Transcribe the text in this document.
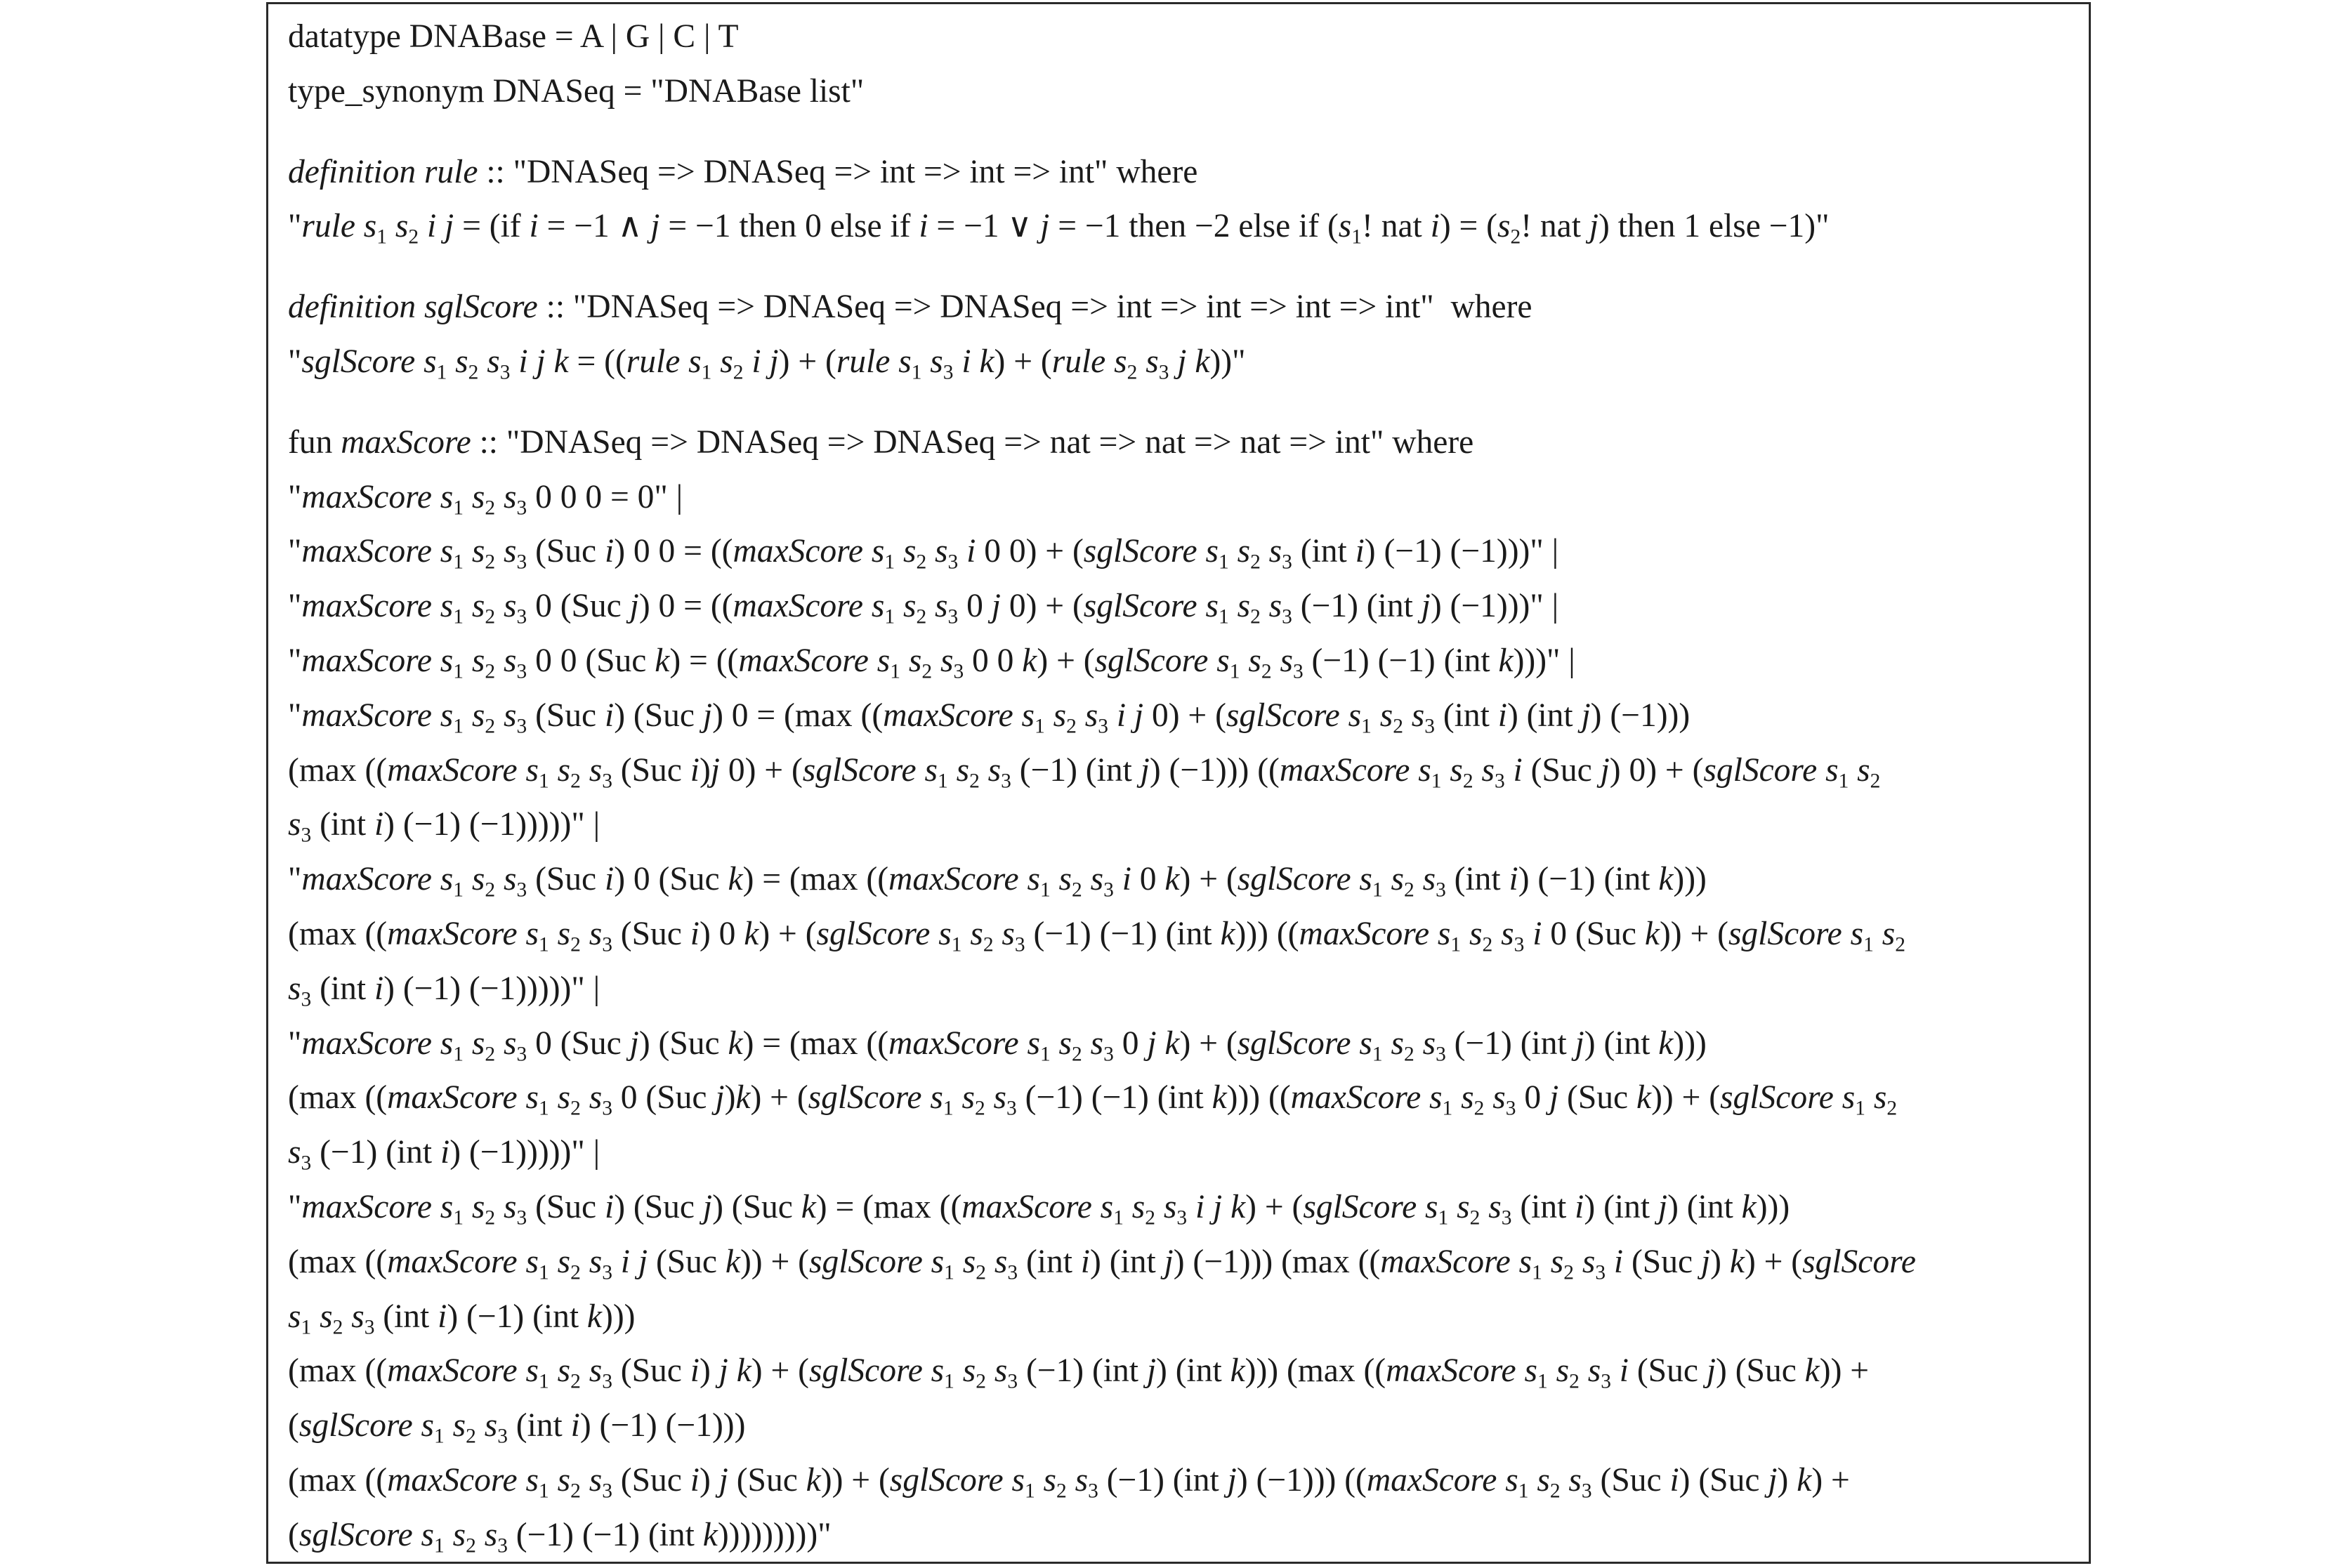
datatype DNABase = A | G | C | T
type_synonym DNASeq = "DNABase list"
definition rule :: "DNASeq => DNASeq => int => int => int" where
"rule $s_1$ $s_2$ i j = (if i = −1 ∧ j = −1 then 0 else if i = −1 ∨ j = −1 then −2 else if ($s_1$! nat $i) = (s_2$! nat j) then 1 else −1)"
definition sglScore :: "DNASeq => DNASeq => DNASeq => int => int => int => int"  where
"sglScore $s_1$ $s_2$ $s_3$ i j k = ((rule $s_1$ $s_2$ i j) + (rule $s_1$ $s_3$ i k) + (rule $s_2$ $s_3$ j k))"
fun maxScore :: "DNASeq => DNASeq => DNASeq => nat => nat => nat => int" where
"maxScore $s_1$ $s_2$ $s_3$ 0 0 0 = 0" |
"maxScore $s_1$ $s_2$ $s_3$ (Suc i) 0 0 = ((maxScore $s_1$ $s_2$ $s_3$ i 0 0) + (sglScore $s_1$ $s_2$ $s_3$ (int i) (−1) (−1)))" |
"maxScore $s_1$ $s_2$ $s_3$ 0 (Suc j) 0 = ((maxScore $s_1$ $s_2$ $s_3$ 0 j 0) + (sglScore $s_1$ $s_2$ $s_3$ (−1) (int j) (−1)))" |
"maxScore $s_1$ $s_2$ $s_3$ 0 0 (Suc k) = ((maxScore $s_1$ $s_2$ $s_3$ 0 0 k) + (sglScore $s_1$ $s_2$ $s_3$ (−1) (−1) (int k)))" |
"maxScore $s_1$ $s_2$ $s_3$ (Suc i) (Suc j) 0 = (max ((maxScore $s_1$ $s_2$ $s_3$ i j 0) + (sglScore $s_1$ $s_2$ $s_3$ (int i) (int j) (−1)))
(max ((maxScore $s_1$ $s_2$ $s_3$ (Suc i)j 0) + (sglScore $s_1$ $s_2$ $s_3$ (−1) (int j) (−1))) ((maxScore $s_1$ $s_2$ $s_3$ i (Suc j) 0) + (sglScore $s_1$ $s_2$
$s_3$ (int i) (−1) (−1)))))" |
"maxScore $s_1$ $s_2$ $s_3$ (Suc i) 0 (Suc k) = (max ((maxScore $s_1$ $s_2$ $s_3$ i 0 k) + (sglScore $s_1$ $s_2$ $s_3$ (int i) (−1) (int k)))
(max ((maxScore $s_1$ $s_2$ $s_3$ (Suc i) 0 k) + (sglScore $s_1$ $s_2$ $s_3$ (−1) (−1) (int k))) ((maxScore $s_1$ $s_2$ $s_3$ i 0 (Suc k)) + (sglScore $s_1$ $s_2$
$s_3$ (int i) (−1) (−1)))))" |
"maxScore $s_1$ $s_2$ $s_3$ 0 (Suc j) (Suc k) = (max ((maxScore $s_1$ $s_2$ $s_3$ 0 j k) + (sglScore $s_1$ $s_2$ $s_3$ (−1) (int j) (int k)))
(max ((maxScore $s_1$ $s_2$ $s_3$ 0 (Suc j)k) + (sglScore $s_1$ $s_2$ $s_3$ (−1) (−1) (int k))) ((maxScore $s_1$ $s_2$ $s_3$ 0 j (Suc k)) + (sglScore $s_1$ $s_2$
$s_3$ (−1) (int i) (−1)))))" |
"maxScore $s_1$ $s_2$ $s_3$ (Suc i) (Suc j) (Suc k) = (max ((maxScore $s_1$ $s_2$ $s_3$ i j k) + (sglScore $s_1$ $s_2$ $s_3$ (int i) (int j) (int k)))
(max ((maxScore $s_1$ $s_2$ $s_3$ i j (Suc k)) + (sglScore $s_1$ $s_2$ $s_3$ (int i) (int j) (−1))) (max ((maxScore $s_1$ $s_2$ $s_3$ i (Suc j) k) + (sglScore
$s_1$ $s_2$ $s_3$ (int i) (−1) (int k)))
(max ((maxScore $s_1$ $s_2$ $s_3$ (Suc i) j k) + (sglScore $s_1$ $s_2$ $s_3$ (−1) (int j) (int k))) (max ((maxScore $s_1$ $s_2$ $s_3$ i (Suc j) (Suc k)) +
(sglScore $s_1$ $s_2$ $s_3$ (int i) (−1) (−1)))
(max ((maxScore $s_1$ $s_2$ $s_3$ (Suc i) j (Suc k)) + (sglScore $s_1$ $s_2$ $s_3$ (−1) (int j) (−1))) ((maxScore $s_1$ $s_2$ $s_3$ (Suc i) (Suc j) k) +
(sglScore $s_1$ $s_2$ $s_3$ (−1) (−1) (int k)))))))))"
